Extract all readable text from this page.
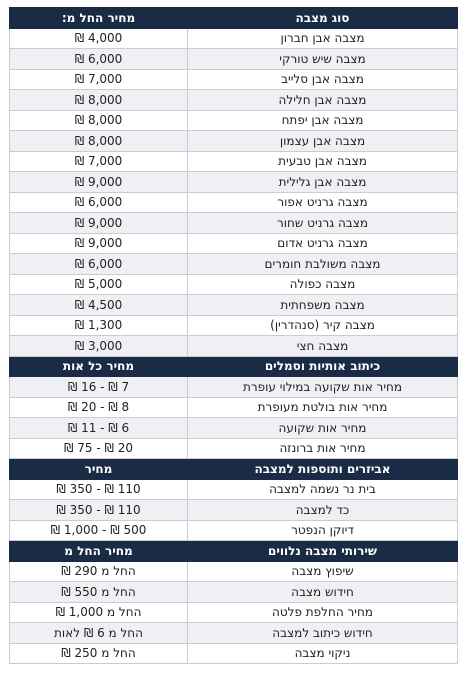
סוג מצבה	מחיר החל מ:
מצבה אבן חברון	4,000 ₪
מצבה שיש טורקי	6,000 ₪
מצבה אבן סלייב	7,000 ₪
מצבה אבן חלילה	8,000 ₪
מצבה אבן יפתח	8,000 ₪
מצבה אבן עצמון	8,000 ₪
מצבה אבן טבעית	7,000 ₪
מצבה אבן גלילית	9,000 ₪
מצבה גרניט אפור	6,000 ₪
מצבה גרניט שחור	9,000 ₪
מצבה גרניט אדום	9,000 ₪
מצבה משולבת חומרים	6,000 ₪
מצבה כפולה	5,000 ₪
מצבה משפחתית	4,500 ₪
מצבה קיר (סנהדרין)	1,300 ₪
מצבה חצי	3,000 ₪
כיתוב אותיות וסמלים	מחיר כל אות
מחיר אות שקועה במילוי עופרת	7 ₪ - 16 ₪
מחיר אות בולטת מעופרת	8 ₪ - 20 ₪
מחיר אות שקועה	6 ₪ - 11 ₪
מחיר אות ברונזה	20 ₪ - 75 ₪
אביזרים ותוספות למצבה	מחיר
בית נר נשמה למצבה	110 ₪ - 350 ₪
כד למצבה	110 ₪ - 350 ₪
דיוקן הנפטר	500 ₪ - 1,000 ₪
שירותי מצבה נלווים	מחיר החל מ
שיפוץ מצבה	החל מ 290 ₪
חידוש מצבה	החל מ 550 ₪
מחיר החלפת פלטה	החל מ 1,000 ₪
חידוש כיתוב למצבה	החל מ 6 ₪ לאות
ניקוי מצבה	החל מ 250 ₪
